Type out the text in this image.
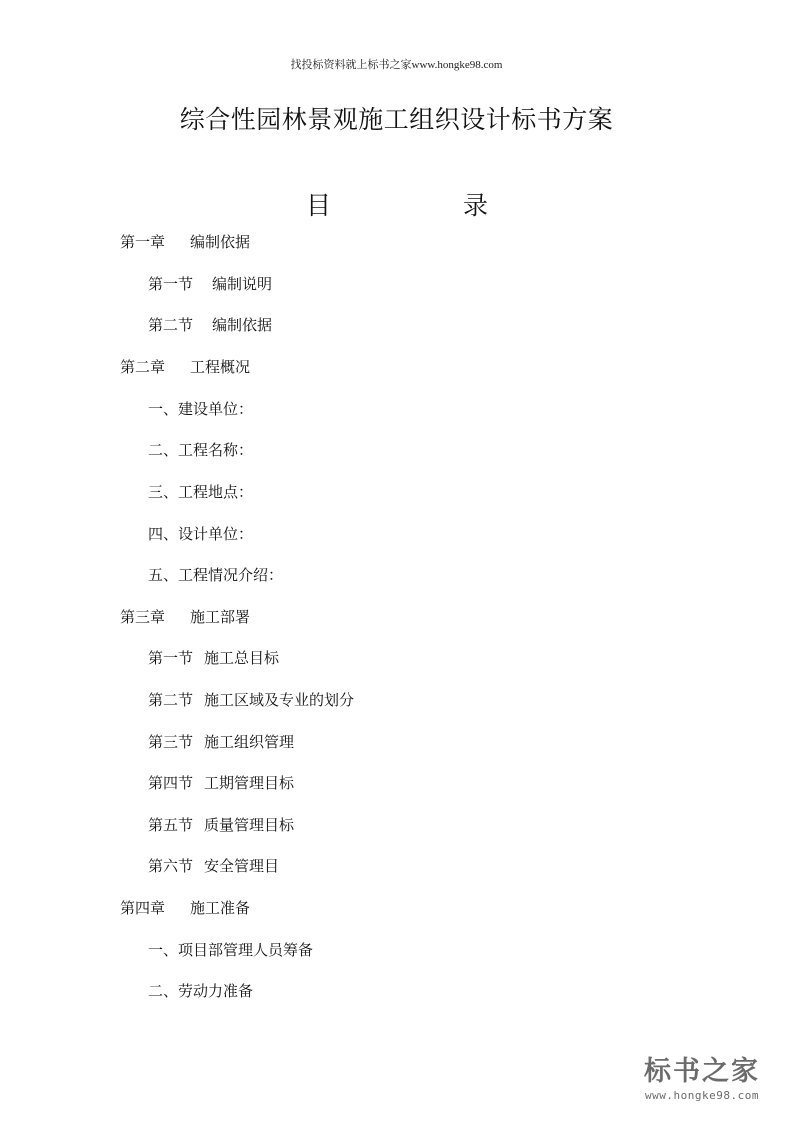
找投标资料就上标书之家www.hongke98.com
综合性园林景观施工组织设计标书方案
目	录
第一章 编制依据
第一节 编制说明
第二节 编制依据
第二章 工程概况
一、建设单位：
二、工程名称：
三、工程地点：
四、设计单位：
五、工程情况介绍：
第三章 施工部署
第一节 施工总目标
第二节 施工区域及专业的划分
第三节 施工组织管理
第四节 工期管理目标
第五节 质量管理目标
第六节 安全管理目
第四章 施工准备
一、项目部管理人员筹备
二、劳动力准备
标书之家
www.hongke98.com
